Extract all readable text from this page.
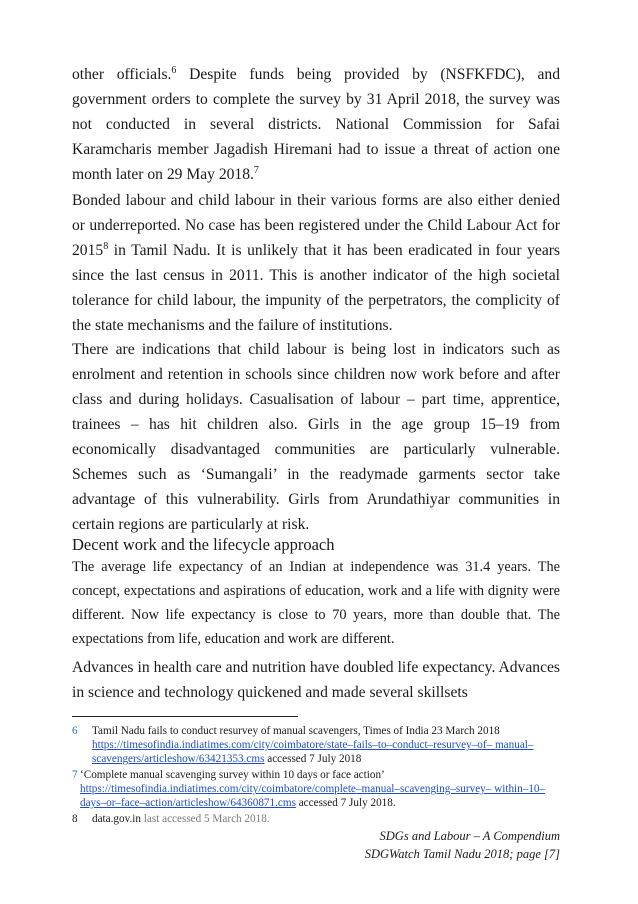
other officials.$^6$ Despite funds being provided by (NSFKFDC), and government orders to complete the survey by 31 April 2018, the survey was not conducted in several districts. National Commission for Safai Karamcharis member Jagadish Hiremani had to issue a threat of action one month later on 29 May 2018.$^7$

Bonded labour and child labour in their various forms are also either denied or underreported. No case has been registered under the Child Labour Act for 2015$^8$ in Tamil Nadu. It is unlikely that it has been eradicated in four years since the last census in 2011. This is another indicator of the high societal tolerance for child labour, the impunity of the perpetrators, the complicity of the state mechanisms and the failure of institutions.

There are indications that child labour is being lost in indicators such as enrolment and retention in schools since children now work before and after class and during holidays. Casualisation of labour – part time, apprentice, trainees – has hit children also. Girls in the age group 15–19 from economically disadvantaged communities are particularly vulnerable. Schemes such as ‘Sumangali’ in the readymade garments sector take advantage of this vulnerability. Girls from Arundathiyar communities in certain regions are particularly at risk.

Decent work and the lifecycle approach

The average life expectancy of an Indian at independence was 31.4 years. The concept, expectations and aspirations of education, work and a life with dignity were different. Now life expectancy is close to 70 years, more than double that. The expectations from life, education and work are different.

Advances in health care and nutrition have doubled life expectancy. Advances in science and technology quickened and made several skillsets

6 Tamil Nadu fails to conduct resurvey of manual scavengers, Times of India 23 March 2018 https://timesofindia.indiatimes.com/city/coimbatore/state–fails–to–conduct–resurvey–of– manual–scavengers/articleshow/63421353.cms accessed 7 July 2018
7 ‘Complete manual scavenging survey within 10 days or face action’ https://timesofindia.indiatimes.com/city/coimbatore/complete–manual–scavenging–survey– within–10–days–or–face–action/articleshow/64360871.cms accessed 7 July 2018.
8 data.gov.in last accessed 5 March 2018.
SDGs and Labour – A Compendium
SDGWatch Tamil Nadu 2018; page [7]
